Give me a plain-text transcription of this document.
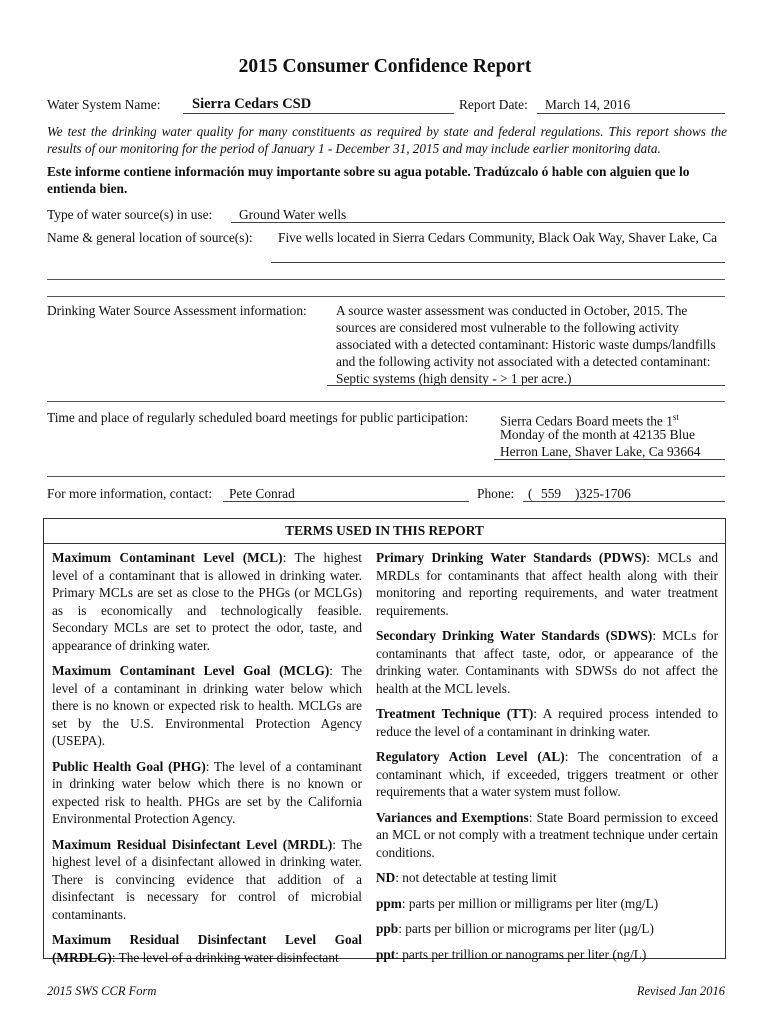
2015 Consumer Confidence Report
Water System Name: Sierra Cedars CSD	Report Date: March 14, 2016
We test the drinking water quality for many constituents as required by state and federal regulations. This report shows the results of our monitoring for the period of January 1 - December 31, 2015 and may include earlier monitoring data.
Este informe contiene información muy importante sobre su agua potable. Tradúzcalo ó hable con alguien que lo entienda bien.
Type of water source(s) in use: Ground Water wells
Name & general location of source(s): Five wells located in Sierra Cedars Community, Black Oak Way, Shaver Lake, Ca
Drinking Water Source Assessment information: A source waster assessment was conducted in October, 2015. The sources are considered most vulnerable to the following activity associated with a detected contaminant: Historic waste dumps/landfills and the following activity not associated with a detected contaminant: Septic systems (high density - > 1 per acre.)
Time and place of regularly scheduled board meetings for public participation: Sierra Cedars Board meets the 1st
Monday of the month at 42135 Blue
Herron Lane, Shaver Lake, Ca 93664
For more information, contact: Pete Conrad	Phone: ( 559 )325-1706
TERMS USED IN THIS REPORT

Maximum Contaminant Level (MCL): The highest level of a contaminant that is allowed in drinking water. Primary MCLs are set as close to the PHGs (or MCLGs) as is economically and technologically feasible. Secondary MCLs are set to protect the odor, taste, and appearance of drinking water.

Maximum Contaminant Level Goal (MCLG): The level of a contaminant in drinking water below which there is no known or expected risk to health. MCLGs are set by the U.S. Environmental Protection Agency (USEPA).

Public Health Goal (PHG): The level of a contaminant in drinking water below which there is no known or expected risk to health. PHGs are set by the California Environmental Protection Agency.

Maximum Residual Disinfectant Level (MRDL): The highest level of a disinfectant allowed in drinking water. There is convincing evidence that addition of a disinfectant is necessary for control of microbial contaminants.

Maximum Residual Disinfectant Level Goal (MRDLG): The level of a drinking water disinfectant

Primary Drinking Water Standards (PDWS): MCLs and MRDLs for contaminants that affect health along with their monitoring and reporting requirements, and water treatment requirements.

Secondary Drinking Water Standards (SDWS): MCLs for contaminants that affect taste, odor, or appearance of the drinking water. Contaminants with SDWSs do not affect the health at the MCL levels.

Treatment Technique (TT): A required process intended to reduce the level of a contaminant in drinking water.

Regulatory Action Level (AL): The concentration of a contaminant which, if exceeded, triggers treatment or other requirements that a water system must follow.

Variances and Exemptions: State Board permission to exceed an MCL or not comply with a treatment technique under certain conditions.

ND: not detectable at testing limit

ppm: parts per million or milligrams per liter (mg/L)

ppb: parts per billion or micrograms per liter (µg/L)

ppt: parts per trillion or nanograms per liter (ng/L)

2015 SWS CCR Form	Revised Jan 2016
